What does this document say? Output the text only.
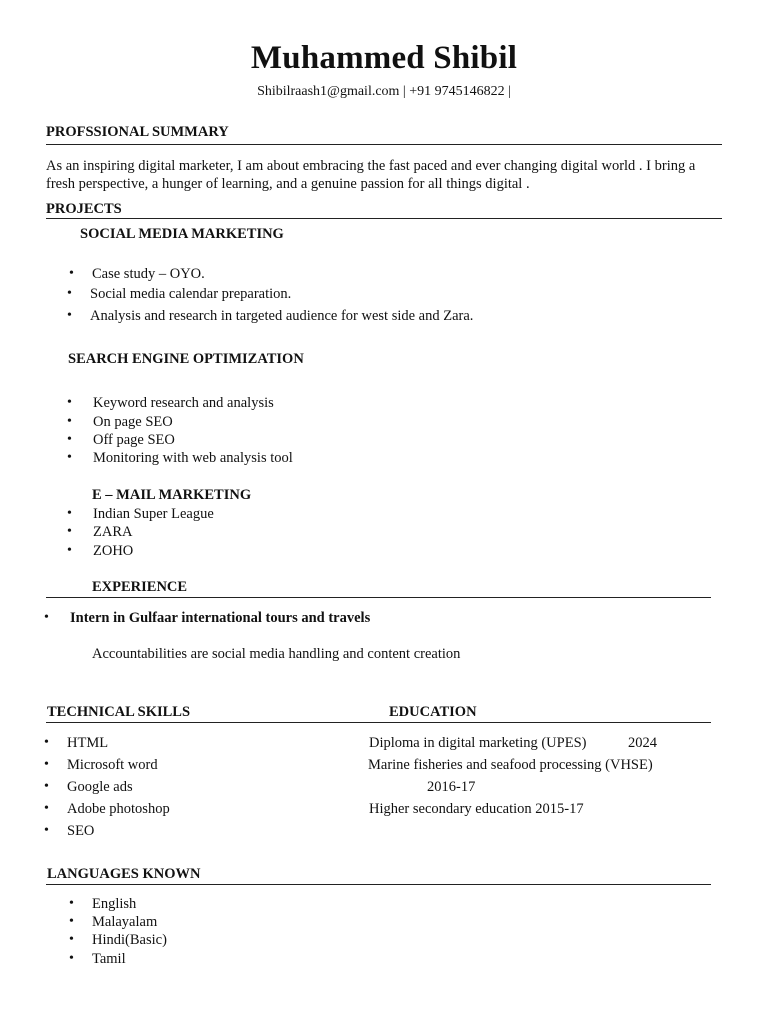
Muhammed Shibil
Shibilraash1@gmail.com | +91 9745146822 |
PROFSSIONAL SUMMARY
As an inspiring digital marketer, I am about embracing the fast paced and ever changing digital world . I bring a fresh perspective, a hunger of learning, and a genuine passion for all things digital .
PROJECTS
SOCIAL MEDIA MARKETING
• Case study – OYO.
• Social media calendar preparation.
• Analysis and research in targeted audience for west side and Zara.
SEARCH ENGINE OPTIMIZATION
• Keyword research and analysis
• On page SEO
• Off page SEO
• Monitoring with web analysis tool
E – MAIL MARKETING
• Indian Super League
• ZARA
• ZOHO
EXPERIENCE
• Intern in Gulfaar international tours and travels
Accountabilities are social media handling and content creation
TECHNICAL SKILLS	EDUCATION
• HTML
• Microsoft word
• Google ads
• Adobe photoshop
• SEO
Diploma in digital marketing (UPES)	2024
Marine fisheries and seafood processing (VHSE)
2016-17
Higher secondary education 2015-17
LANGUAGES KNOWN
• English
• Malayalam
• Hindi(Basic)
• Tamil
